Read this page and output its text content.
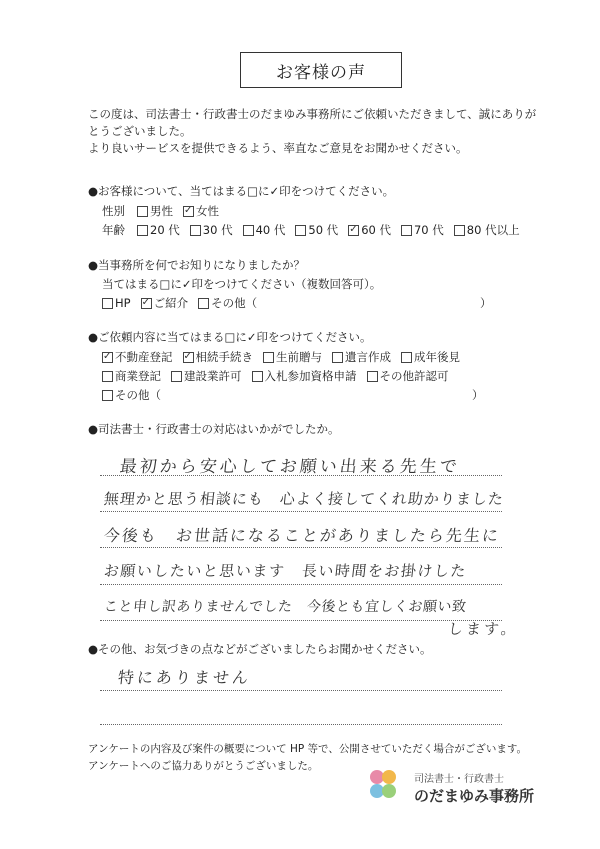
お客様の声
この度は、司法書士・行政書士のだまゆみ事務所にご依頼いただきまして、誠にありが
とうございました。
より良いサービスを提供できるよう、率直なご意見をお聞かせください。
●お客様について、当てはまる□に✓印をつけてください。
性別 男性 ✓ 女性
年齢 20 代 30 代 40 代 50 代 ✓ 60 代 70 代 80 代以上
●当事務所を何でお知りになりましたか？
当てはまる□に✓印をつけてください（複数回答可）。
HP ✓ ご紹介 その他（	）
●ご依頼内容に当てはまる□に✓印をつけてください。
✓
不動産登記 ✓ 相続手続き 生前贈与 遺言作成 成年後見
商業登記 建設業許可 入札参加資格申請 その他許認可
その他（	）
●司法書士・行政書士の対応はいかがでしたか。
最初から安心してお願い出来る先生で
無理かと思う相談にも　心よく接してくれ助かりました
今後も　お世話になることがありましたら先生に
お願いしたいと思います　長い時間をお掛けした
こと申し訳ありませんでした　今後とも宜しくお願い致
します。
●その他、お気づきの点などがございましたらお聞かせください。
特にありません
アンケートの内容及び案件の概要について HP 等で、公開させていただく場合がございます。
アンケートへのご協力ありがとうございました。
司法書士・行政書士
のだまゆみ事務所
